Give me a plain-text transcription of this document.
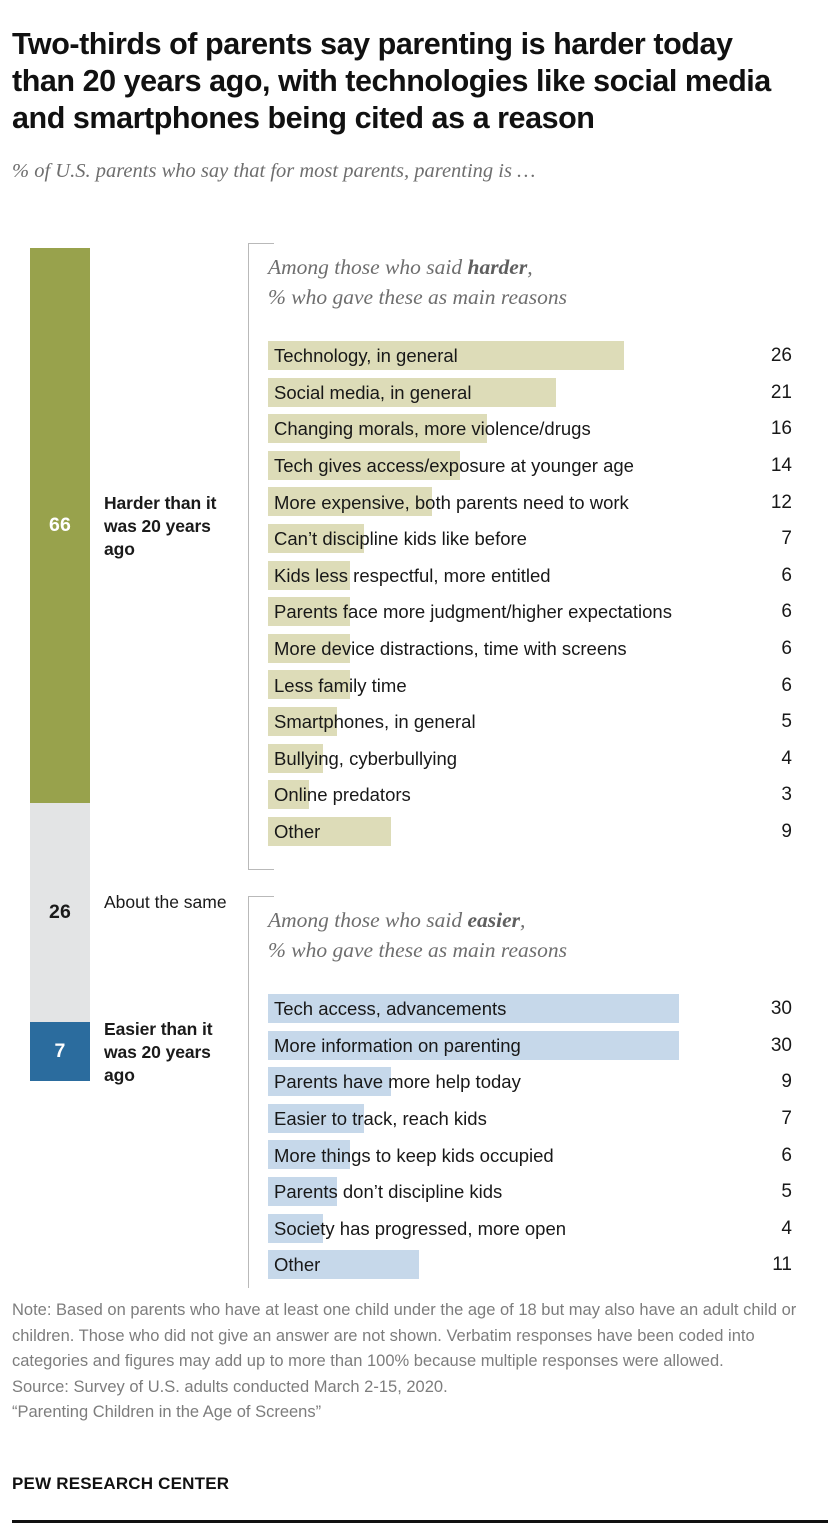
Two-thirds of parents say parenting is harder today than 20 years ago, with technologies like social media and smartphones being cited as a reason
% of U.S. parents who say that for most parents, parenting is …
66
26
7
Harder than it was 20 years ago
About the same
Easier than it was 20 years ago
Among those who said harder,
% who gave these as main reasons
Technology, in general	26
Social media, in general	21
Changing morals, more violence/drugs	16
Tech gives access/exposure at younger age	14
More expensive, both parents need to work	12
Can’t discipline kids like before	7
Kids less respectful, more entitled	6
Parents face more judgment/higher expectations	6
More device distractions, time with screens	6
Less family time	6
Smartphones, in general	5
Bullying, cyberbullying	4
Online predators	3
Other	9
Among those who said easier,
% who gave these as main reasons
Tech access, advancements	30
More information on parenting	30
Parents have more help today	9
Easier to track, reach kids	7
More things to keep kids occupied	6
Parents don’t discipline kids	5
Society has progressed, more open	4
Other	11
Note: Based on parents who have at least one child under the age of 18 but may also have an adult child or children. Those who did not give an answer are not shown. Verbatim responses have been coded into categories and figures may add up to more than 100% because multiple responses were allowed.
Source: Survey of U.S. adults conducted March 2-15, 2020.
“Parenting Children in the Age of Screens”
PEW RESEARCH CENTER
